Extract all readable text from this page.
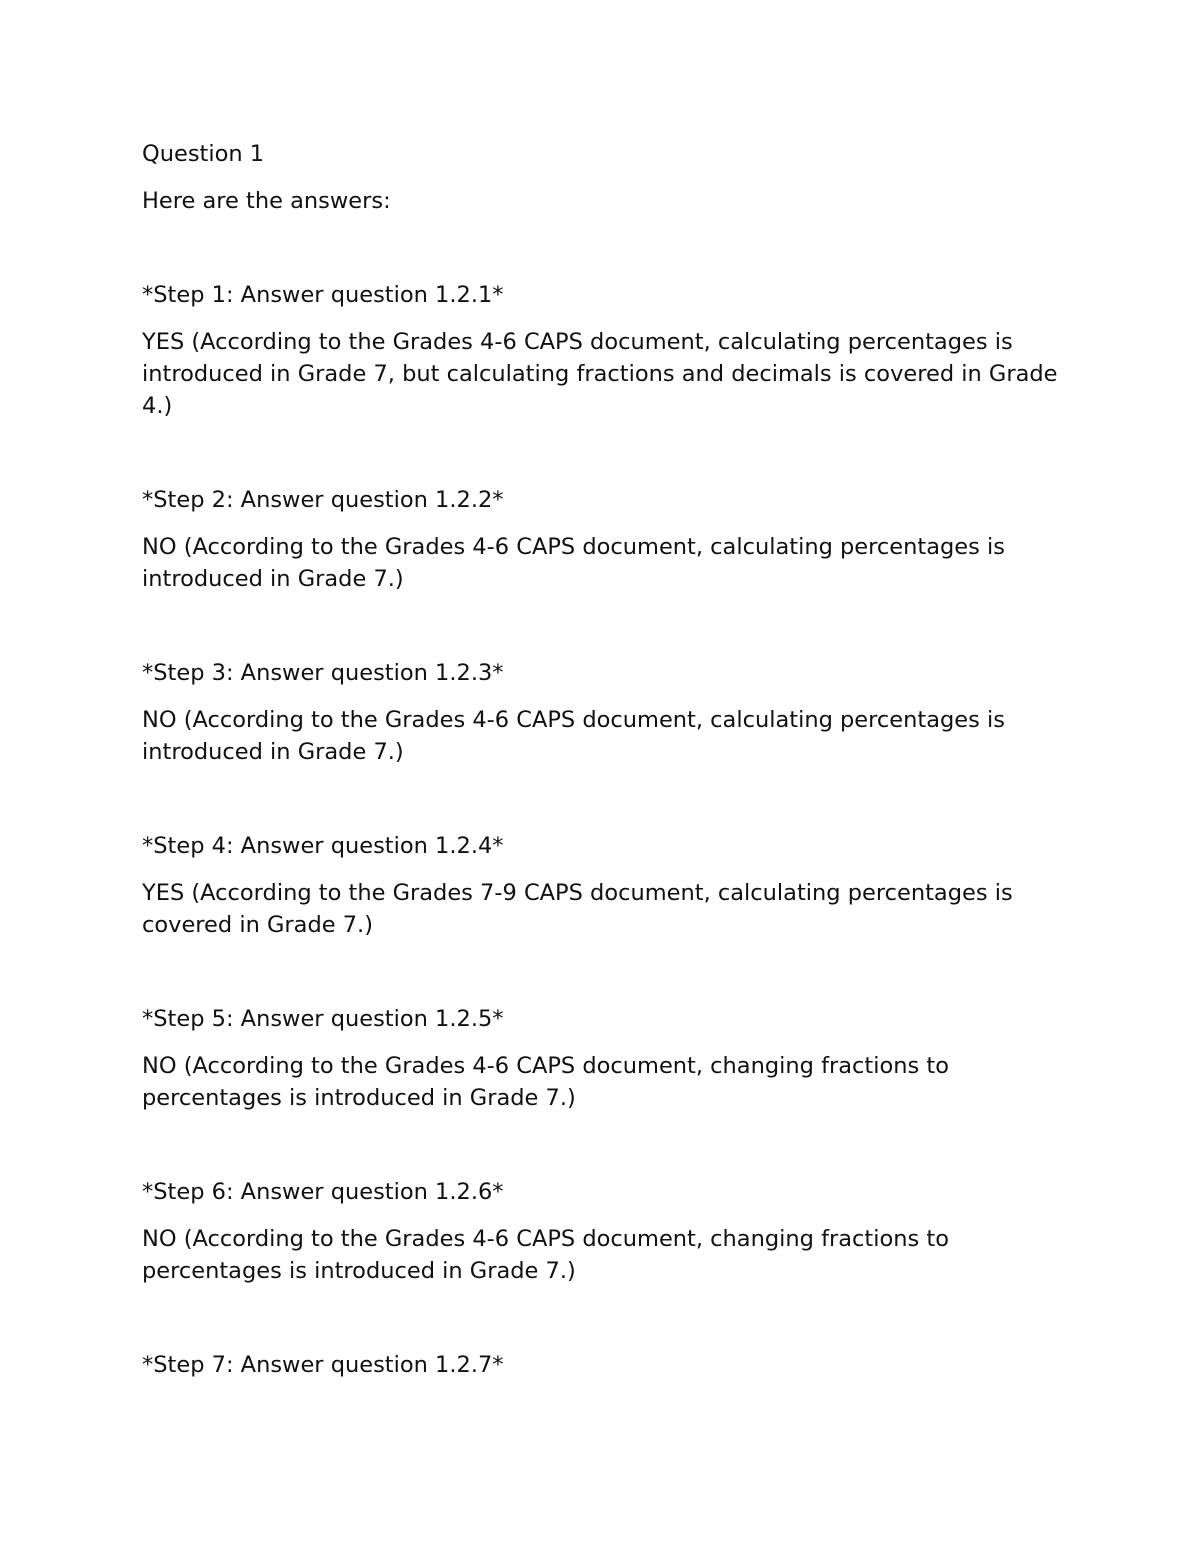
Question 1

Here are the answers:

*Step 1: Answer question 1.2.1*

YES (According to the Grades 4-6 CAPS document, calculating percentages is introduced in Grade 7, but calculating fractions and decimals is covered in Grade 4.)

*Step 2: Answer question 1.2.2*

NO (According to the Grades 4-6 CAPS document, calculating percentages is introduced in Grade 7.)

*Step 3: Answer question 1.2.3*

NO (According to the Grades 4-6 CAPS document, calculating percentages is introduced in Grade 7.)

*Step 4: Answer question 1.2.4*

YES (According to the Grades 7-9 CAPS document, calculating percentages is covered in Grade 7.)

*Step 5: Answer question 1.2.5*

NO (According to the Grades 4-6 CAPS document, changing fractions to percentages is introduced in Grade 7.)

*Step 6: Answer question 1.2.6*

NO (According to the Grades 4-6 CAPS document, changing fractions to percentages is introduced in Grade 7.)

*Step 7: Answer question 1.2.7*
